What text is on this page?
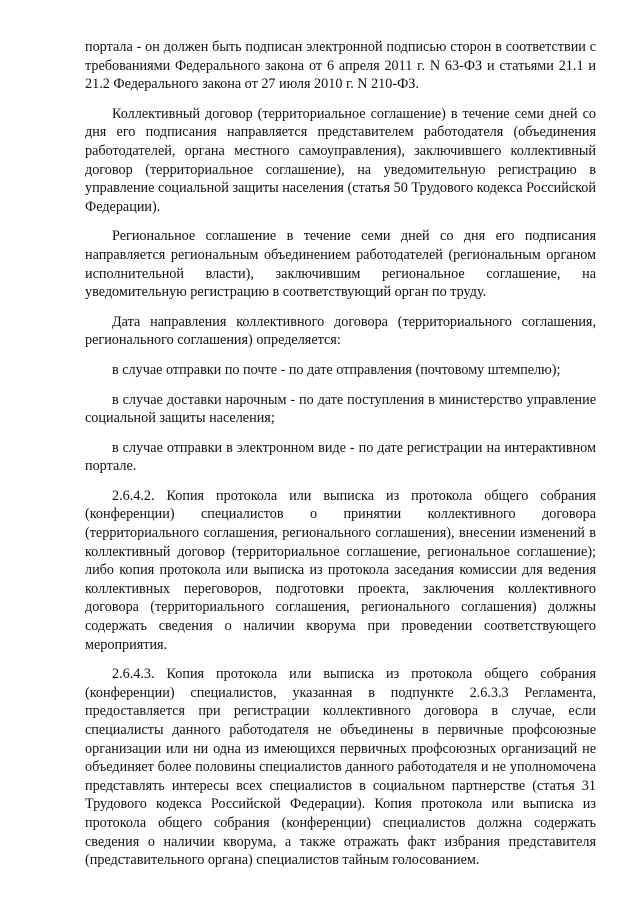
портала - он должен быть подписан электронной подписью сторон в соответствии с требованиями Федерального закона от 6 апреля 2011 г. N 63-ФЗ и статьями 21.1 и 21.2 Федерального закона от 27 июля 2010 г. N 210-ФЗ.

Коллективный договор (территориальное соглашение) в течение семи дней со дня его подписания направляется представителем работодателя (объединения работодателей, органа местного самоуправления), заключившего коллективный договор (территориальное соглашение), на уведомительную регистрацию в управление социальной защиты населения (статья 50 Трудового кодекса Российской Федерации).

Региональное соглашение в течение семи дней со дня его подписания направляется региональным объединением работодателей (региональным органом исполнительной власти), заключившим региональное соглашение, на уведомительную регистрацию в соответствующий орган по труду.

Дата направления коллективного договора (территориального соглашения, регионального соглашения) определяется:

в случае отправки по почте - по дате отправления (почтовому штемпелю);

в случае доставки нарочным - по дате поступления в министерство управление социальной защиты населения;

в случае отправки в электронном виде - по дате регистрации на интерактивном портале.

2.6.4.2. Копия протокола или выписка из протокола общего собрания (конференции) специалистов о принятии коллективного договора (территориального соглашения, регионального соглашения), внесении изменений в коллективный договор (территориальное соглашение, региональное соглашение); либо копия протокола или выписка из протокола заседания комиссии для ведения коллективных переговоров, подготовки проекта, заключения коллективного договора (территориального соглашения, регионального соглашения) должны содержать сведения о наличии кворума при проведении соответствующего мероприятия.

2.6.4.3. Копия протокола или выписка из протокола общего собрания (конференции) специалистов, указанная в подпункте 2.6.3.3 Регламента, предоставляется при регистрации коллективного договора в случае, если специалисты данного работодателя не объединены в первичные профсоюзные организации или ни одна из имеющихся первичных профсоюзных организаций не объединяет более половины специалистов данного работодателя и не уполномочена представлять интересы всех специалистов в социальном партнерстве (статья 31 Трудового кодекса Российской Федерации). Копия протокола или выписка из протокола общего собрания (конференции) специалистов должна содержать сведения о наличии кворума, а также отражать факт избрания представителя (представительного органа) специалистов тайным голосованием.
